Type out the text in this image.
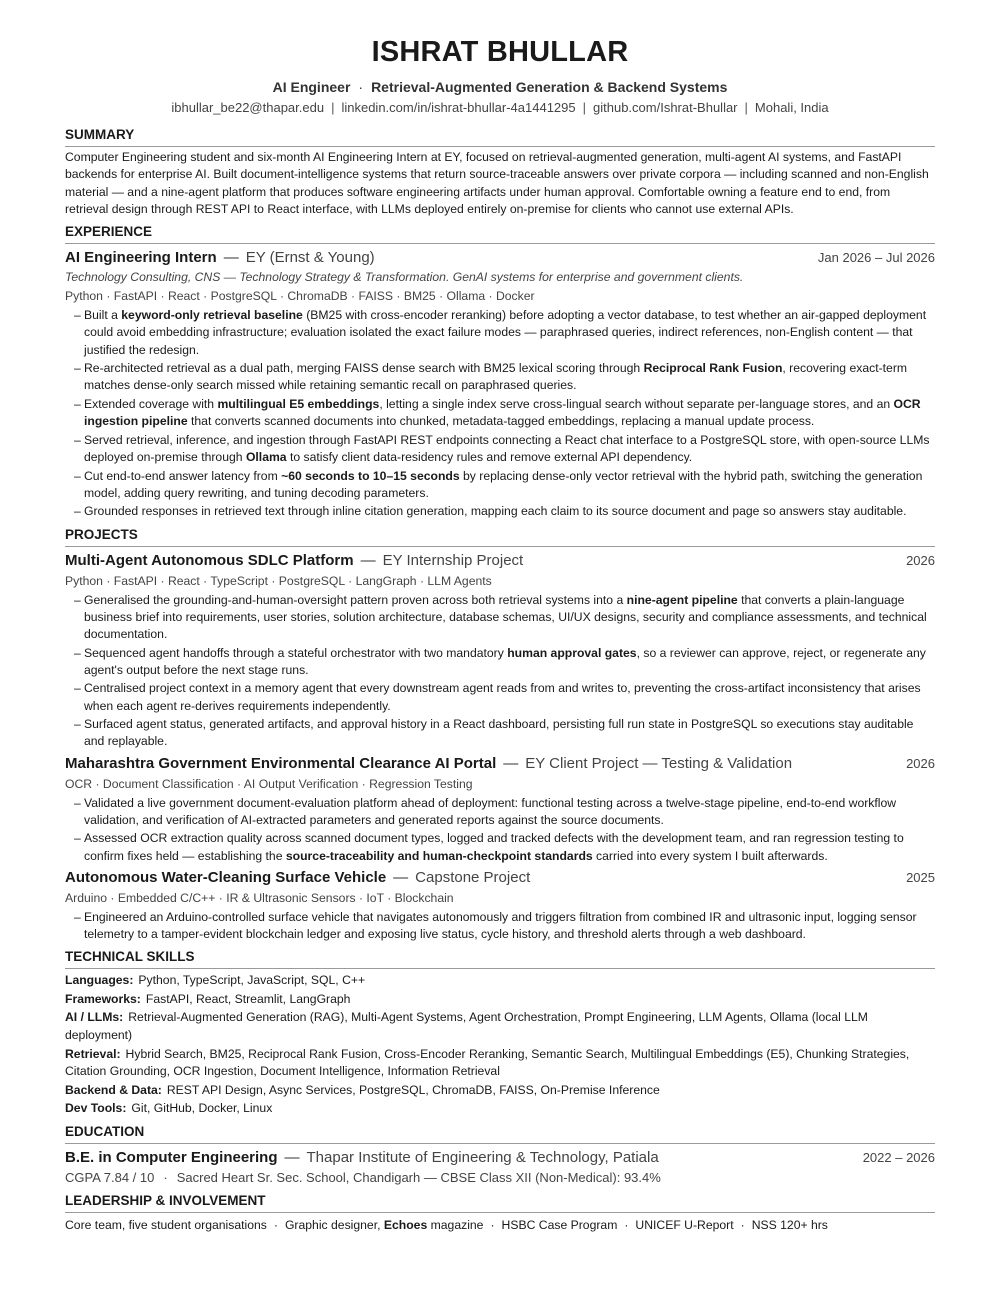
ISHRAT BHULLAR
AI Engineer · Retrieval-Augmented Generation & Backend Systems
ibhullar_be22@thapar.edu | linkedin.com/in/ishrat-bhullar-4a1441295 | github.com/Ishrat-Bhullar | Mohali, India
SUMMARY
Computer Engineering student and six-month AI Engineering Intern at EY, focused on retrieval-augmented generation, multi-agent AI systems, and FastAPI backends for enterprise AI. Built document-intelligence systems that return source-traceable answers over private corpora — including scanned and non-English material — and a nine-agent platform that produces software engineering artifacts under human approval. Comfortable owning a feature end to end, from retrieval design through REST API to React interface, with LLMs deployed entirely on-premise for clients who cannot use external APIs.
EXPERIENCE
AI Engineering Intern — EY (Ernst & Young)	Jan 2026 – Jul 2026
Technology Consulting, CNS — Technology Strategy & Transformation. GenAI systems for enterprise and government clients.
Python · FastAPI · React · PostgreSQL · ChromaDB · FAISS · BM25 · Ollama · Docker
– Built a keyword-only retrieval baseline (BM25 with cross-encoder reranking) before adopting a vector database, to test whether an air-gapped deployment could avoid embedding infrastructure; evaluation isolated the exact failure modes — paraphrased queries, indirect references, non-English content — that justified the redesign.
– Re-architected retrieval as a dual path, merging FAISS dense search with BM25 lexical scoring through Reciprocal Rank Fusion, recovering exact-term matches dense-only search missed while retaining semantic recall on paraphrased queries.
– Extended coverage with multilingual E5 embeddings, letting a single index serve cross-lingual search without separate per-language stores, and an OCR ingestion pipeline that converts scanned documents into chunked, metadata-tagged embeddings, replacing a manual update process.
– Served retrieval, inference, and ingestion through FastAPI REST endpoints connecting a React chat interface to a PostgreSQL store, with open-source LLMs deployed on-premise through Ollama to satisfy client data-residency rules and remove external API dependency.
– Cut end-to-end answer latency from ~60 seconds to 10–15 seconds by replacing dense-only vector retrieval with the hybrid path, switching the generation model, adding query rewriting, and tuning decoding parameters.
– Grounded responses in retrieved text through inline citation generation, mapping each claim to its source document and page so answers stay auditable.
PROJECTS
Multi-Agent Autonomous SDLC Platform — EY Internship Project	2026
Python · FastAPI · React · TypeScript · PostgreSQL · LangGraph · LLM Agents
– Generalised the grounding-and-human-oversight pattern proven across both retrieval systems into a nine-agent pipeline that converts a plain-language business brief into requirements, user stories, solution architecture, database schemas, UI/UX designs, security and compliance assessments, and technical documentation.
– Sequenced agent handoffs through a stateful orchestrator with two mandatory human approval gates, so a reviewer can approve, reject, or regenerate any agent's output before the next stage runs.
– Centralised project context in a memory agent that every downstream agent reads from and writes to, preventing the cross-artifact inconsistency that arises when each agent re-derives requirements independently.
– Surfaced agent status, generated artifacts, and approval history in a React dashboard, persisting full run state in PostgreSQL so executions stay auditable and replayable.
Maharashtra Government Environmental Clearance AI Portal — EY Client Project — Testing & Validation	2026
OCR · Document Classification · AI Output Verification · Regression Testing
– Validated a live government document-evaluation platform ahead of deployment: functional testing across a twelve-stage pipeline, end-to-end workflow validation, and verification of AI-extracted parameters and generated reports against the source documents.
– Assessed OCR extraction quality across scanned document types, logged and tracked defects with the development team, and ran regression testing to confirm fixes held — establishing the source-traceability and human-checkpoint standards carried into every system I built afterwards.
Autonomous Water-Cleaning Surface Vehicle — Capstone Project	2025
Arduino · Embedded C/C++ · IR & Ultrasonic Sensors · IoT · Blockchain
– Engineered an Arduino-controlled surface vehicle that navigates autonomously and triggers filtration from combined IR and ultrasonic input, logging sensor telemetry to a tamper-evident blockchain ledger and exposing live status, cycle history, and threshold alerts through a web dashboard.
TECHNICAL SKILLS
Languages: Python, TypeScript, JavaScript, SQL, C++
Frameworks: FastAPI, React, Streamlit, LangGraph
AI / LLMs: Retrieval-Augmented Generation (RAG), Multi-Agent Systems, Agent Orchestration, Prompt Engineering, LLM Agents, Ollama (local LLM deployment)
Retrieval: Hybrid Search, BM25, Reciprocal Rank Fusion, Cross-Encoder Reranking, Semantic Search, Multilingual Embeddings (E5), Chunking Strategies, Citation Grounding, OCR Ingestion, Document Intelligence, Information Retrieval
Backend & Data: REST API Design, Async Services, PostgreSQL, ChromaDB, FAISS, On-Premise Inference
Dev Tools: Git, GitHub, Docker, Linux
EDUCATION
B.E. in Computer Engineering — Thapar Institute of Engineering & Technology, Patiala	2022 – 2026
CGPA 7.84 / 10 · Sacred Heart Sr. Sec. School, Chandigarh — CBSE Class XII (Non-Medical): 93.4%
LEADERSHIP & INVOLVEMENT
Core team, five student organisations · Graphic designer, Echoes magazine · HSBC Case Program · UNICEF U-Report · NSS 120+ hrs
